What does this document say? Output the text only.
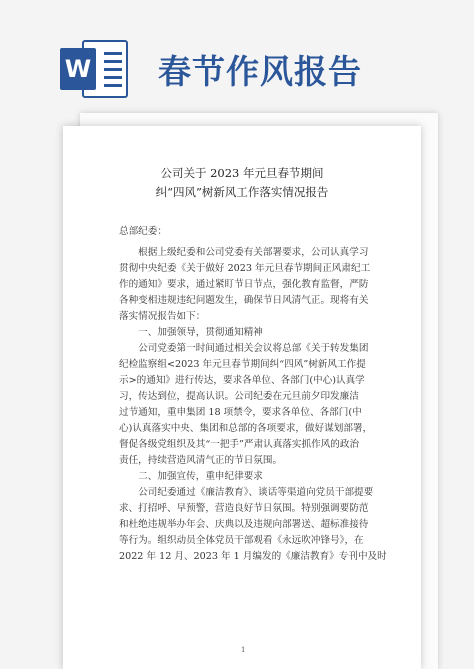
W 春节作风报告
公司关于 2023 年元旦春节期间
纠“四风”树新风工作落实情况报告
总部纪委：
　　根据上级纪委和公司党委有关部署要求，公司认真学习
贯彻中央纪委《关于做好 2023 年元旦春节期间正风肃纪工
作的通知》要求，通过紧盯节日节点，强化教育监督，严防
各种变相违规违纪问题发生，确保节日风清气正。现将有关
落实情况报告如下：
　　一、加强领导，贯彻通知精神
　　公司党委第一时间通过相关会议将总部《关于转发集团
纪检监察组<2023 年元旦春节期间纠“四风”树新风工作提
示>的通知》进行传达，要求各单位、各部门(中心)认真学
习，传达到位，提高认识。公司纪委在元旦前夕印发廉洁
过节通知，重申集团 18 项禁令，要求各单位、各部门(中
心)认真落实中央、集团和总部的各项要求，做好谋划部署，
督促各级党组织及其“一把手”严肃认真落实抓作风的政治
责任，持续营造风清气正的节日氛围。
　　二、加强宣传，重申纪律要求
　　公司纪委通过《廉洁教育》、谈话等渠道向党员干部提要
求、打招呼、早预警，营造良好节日氛围。特别强调要防范
和杜绝违规举办年会、庆典以及违规向部署送、超标准接待
等行为。组织动员全体党员干部观看《永远吹冲锋号》，在
2022 年 12 月、2023 年 1 月编发的《廉洁教育》专刊中及时
1
